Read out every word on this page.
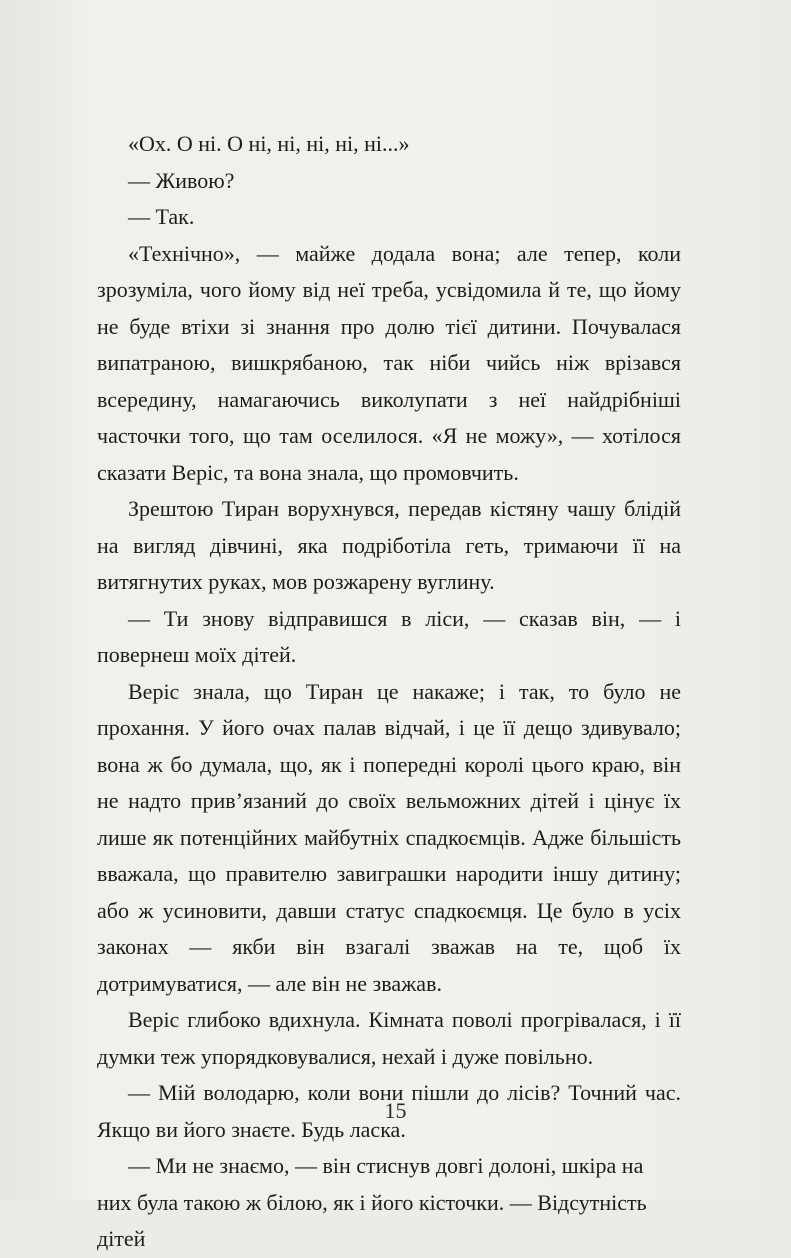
«Ох. О ні. О ні, ні, ні, ні, ні...»

— Живою?

— Так.

«Технічно», — майже додала вона; але тепер, коли зрозуміла, чого йому від неї треба, усвідомила й те, що йому не буде втіхи зі знання про долю тієї дитини. Почувалася випатраною, вишкрябаною, так ніби чийсь ніж врізався всередину, намагаючись виколупати з неї найдрібніші часточки того, що там оселилося. «Я не можу», — хотілося сказати Веріс, та вона знала, що промовчить.

Зрештою Тиран ворухнувся, передав кістяну чашу блідій на вигляд дівчині, яка подріботіла геть, тримаючи її на витягнутих руках, мов розжарену вуглину.

— Ти знову відправишся в ліси, — сказав він, — і повернеш моїх дітей.

Веріс знала, що Тиран це накаже; і так, то було не прохання. У його очах палав відчай, і це її дещо здивувало; вона ж бо думала, що, як і попередні королі цього краю, він не надто прив’язаний до своїх вельможних дітей і цінує їх лише як потенційних майбутніх спадкоємців. Адже більшість вважала, що правителю завиграшки народити іншу дитину; або ж усиновити, давши статус спадкоємця. Це було в усіх законах — якби він взагалі зважав на те, щоб їх дотримуватися, — але він не зважав.

Веріс глибоко вдихнула. Кімната поволі прогрівалася, і її думки теж упорядковувалися, нехай і дуже повільно.

— Мій володарю, коли вони пішли до лісів? Точний час. Якщо ви його знаєте. Будь ласка.

— Ми не знаємо, — він стиснув довгі долоні, шкіра на них була такою ж білою, як і його кісточки. — Відсутність дітей

15
